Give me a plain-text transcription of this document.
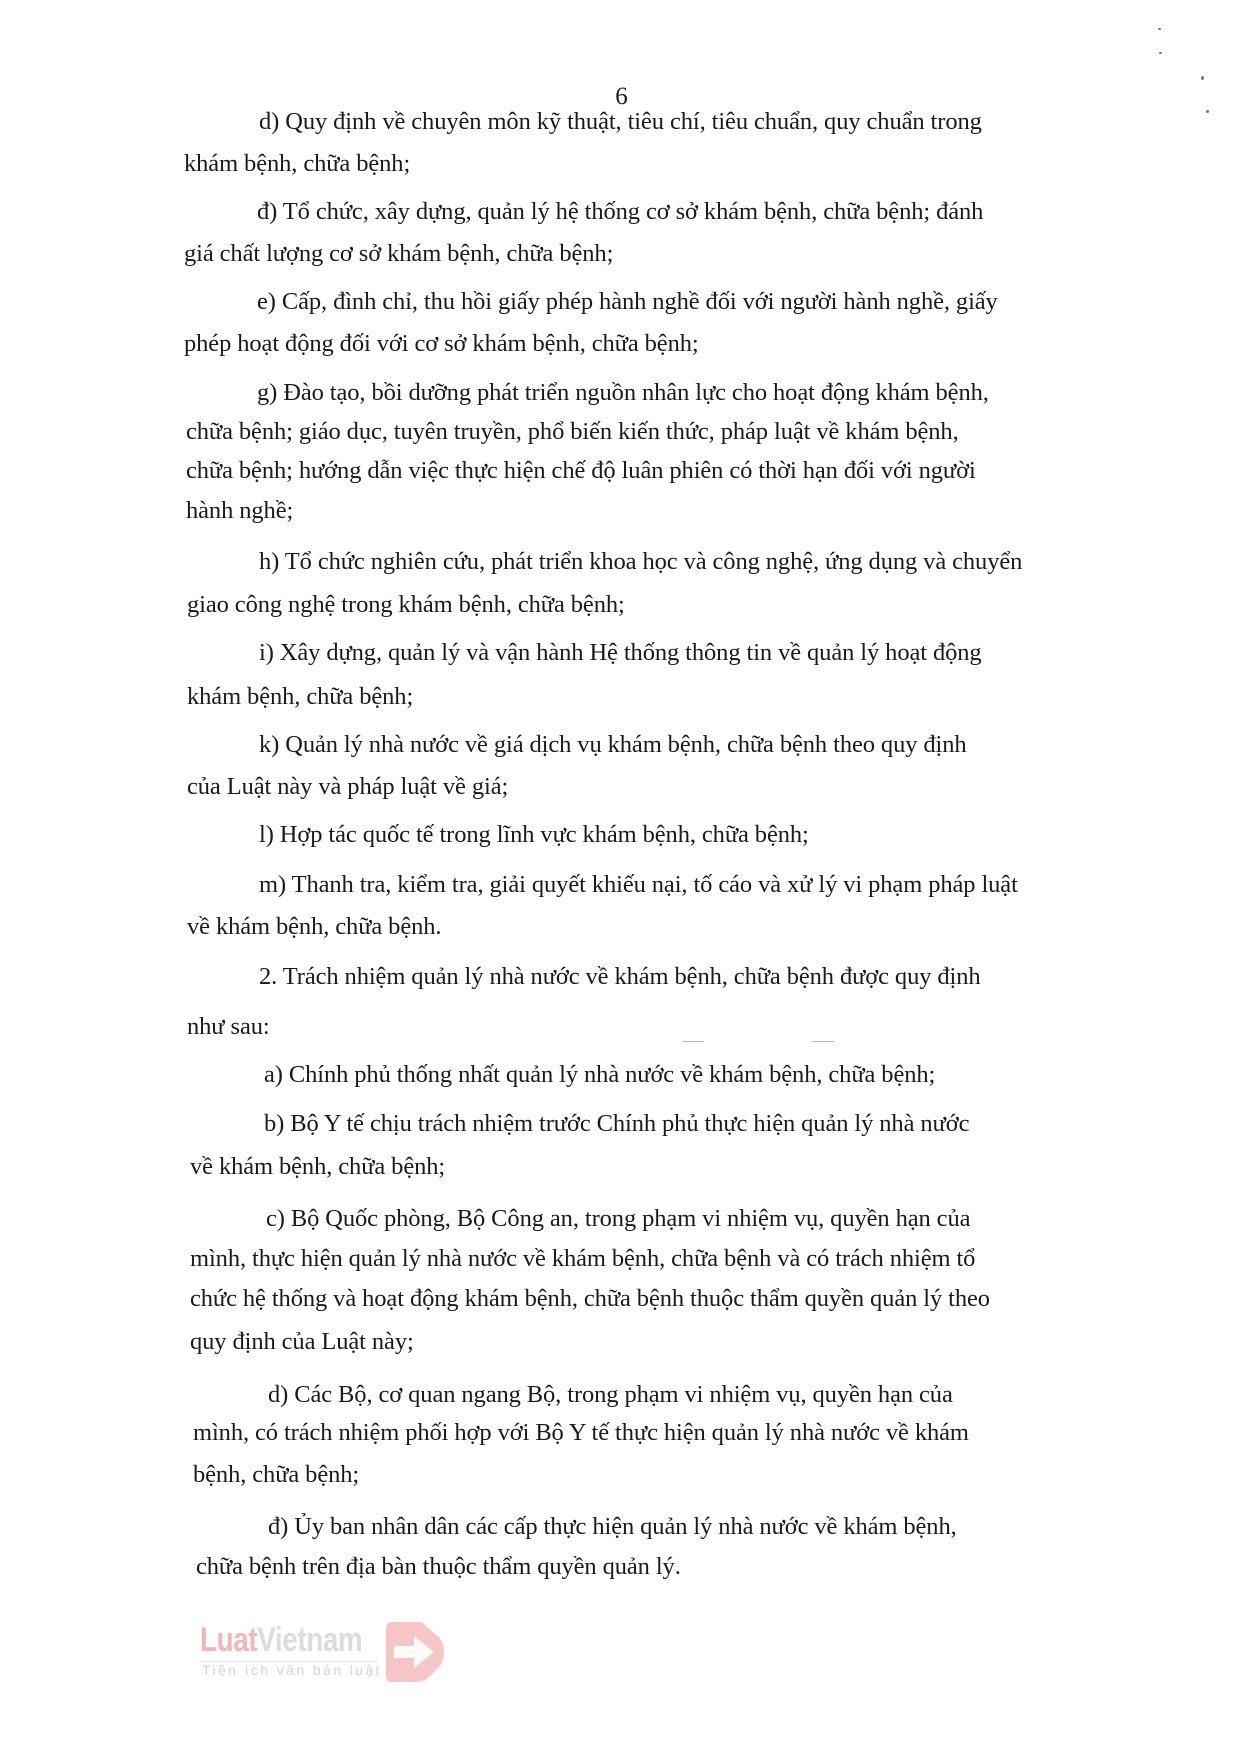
6
d) Quy định về chuyên môn kỹ thuật, tiêu chí, tiêu chuẩn, quy chuẩn trong
khám bệnh, chữa bệnh;
đ) Tổ chức, xây dựng, quản lý hệ thống cơ sở khám bệnh, chữa bệnh; đánh
giá chất lượng cơ sở khám bệnh, chữa bệnh;
e) Cấp, đình chỉ, thu hồi giấy phép hành nghề đối với người hành nghề, giấy
phép hoạt động đối với cơ sở khám bệnh, chữa bệnh;
g) Đào tạo, bồi dưỡng phát triển nguồn nhân lực cho hoạt động khám bệnh,
chữa bệnh; giáo dục, tuyên truyền, phổ biến kiến thức, pháp luật về khám bệnh,
chữa bệnh; hướng dẫn việc thực hiện chế độ luân phiên có thời hạn đối với người
hành nghề;
h) Tổ chức nghiên cứu, phát triển khoa học và công nghệ, ứng dụng và chuyển
giao công nghệ trong khám bệnh, chữa bệnh;
i) Xây dựng, quản lý và vận hành Hệ thống thông tin về quản lý hoạt động
khám bệnh, chữa bệnh;
k) Quản lý nhà nước về giá dịch vụ khám bệnh, chữa bệnh theo quy định
của Luật này và pháp luật về giá;
l) Hợp tác quốc tế trong lĩnh vực khám bệnh, chữa bệnh;
m) Thanh tra, kiểm tra, giải quyết khiếu nại, tố cáo và xử lý vi phạm pháp luật
về khám bệnh, chữa bệnh.
2. Trách nhiệm quản lý nhà nước về khám bệnh, chữa bệnh được quy định
như sau:
a) Chính phủ thống nhất quản lý nhà nước về khám bệnh, chữa bệnh;
b) Bộ Y tế chịu trách nhiệm trước Chính phủ thực hiện quản lý nhà nước
về khám bệnh, chữa bệnh;
c) Bộ Quốc phòng, Bộ Công an, trong phạm vi nhiệm vụ, quyền hạn của
mình, thực hiện quản lý nhà nước về khám bệnh, chữa bệnh và có trách nhiệm tổ
chức hệ thống và hoạt động khám bệnh, chữa bệnh thuộc thẩm quyền quản lý theo
quy định của Luật này;
d) Các Bộ, cơ quan ngang Bộ, trong phạm vi nhiệm vụ, quyền hạn của
mình, có trách nhiệm phối hợp với Bộ Y tế thực hiện quản lý nhà nước về khám
bệnh, chữa bệnh;
đ) Ủy ban nhân dân các cấp thực hiện quản lý nhà nước về khám bệnh,
chữa bệnh trên địa bàn thuộc thẩm quyền quản lý.
LuatVietnam
Tiện ích văn bản luật
